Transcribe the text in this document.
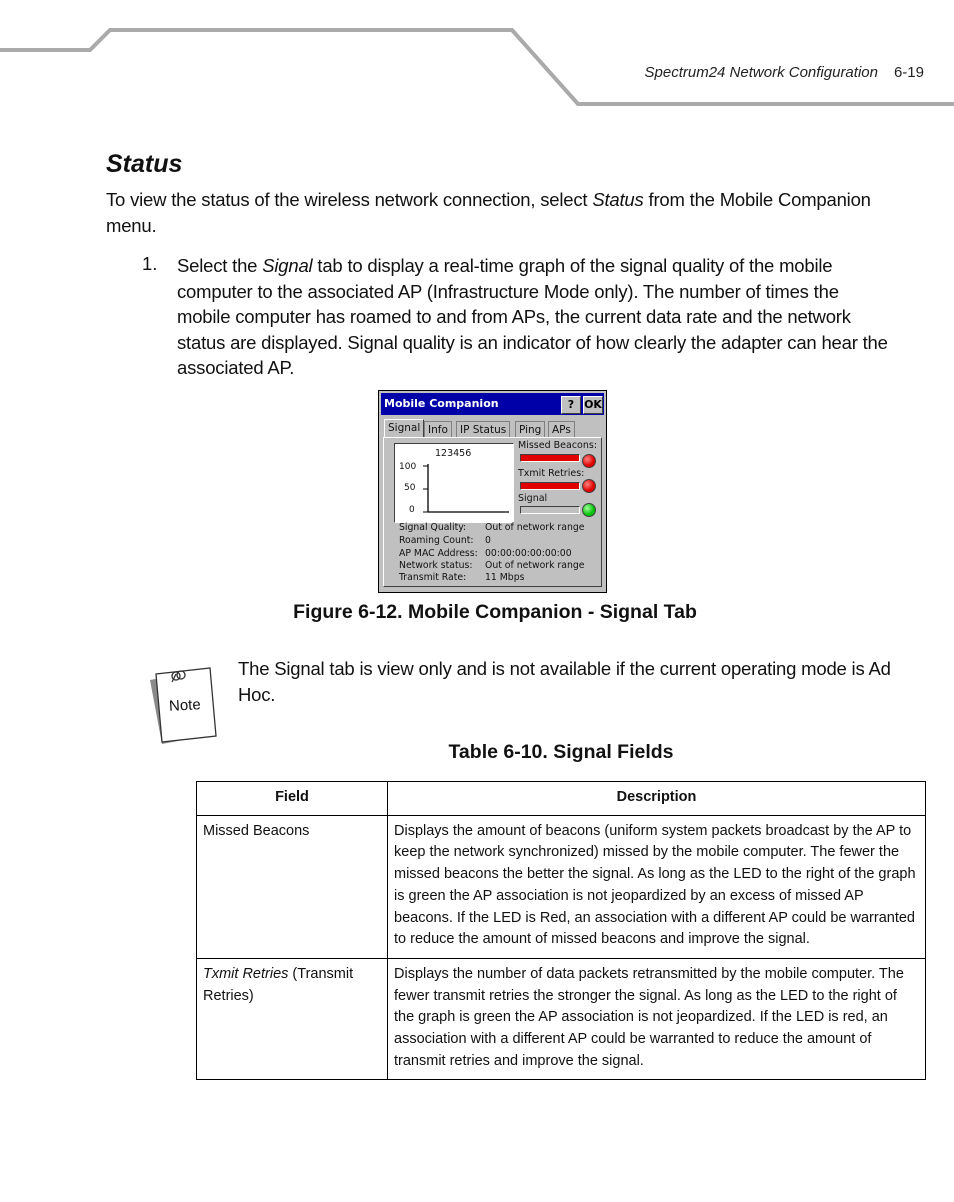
Spectrum24 Network Configuration 6-19
Status

To view the status of the wireless network connection, select Status from the Mobile Companion menu.

1. Select the Signal tab to display a real-time graph of the signal quality of the mobile computer to the associated AP (Infrastructure Mode only). The number of times the mobile computer has roamed to and from APs, the current data rate and the network status are displayed. Signal quality is an indicator of how clearly the adapter can hear the associated AP.

Mobile Companion	? OK
Signal Info	IP Status	Ping	APs
123456
100
50
0
Missed Beacons:
Txmit Retries:
Signal
Signal Quality: Out of network range
Roaming Count: 0
AP MAC Address: 00:00:00:00:00:00
Network status: Out of network range
Transmit Rate: 11 Mbps

Figure 6-12. Mobile Companion - Signal Tab

Note

The Signal tab is view only and is not available if the current operating mode is Ad Hoc.

Table 6-10. Signal Fields

Field	Description
Missed Beacons	Displays the amount of beacons (uniform system packets broadcast by the AP to keep the network synchronized) missed by the mobile computer. The fewer the missed beacons the better the signal. As long as the LED to the right of the graph is green the AP association is not jeopardized by an excess of missed AP beacons. If the LED is Red, an association with a different AP could be warranted to reduce the amount of missed beacons and improve the signal.
Txmit Retries (Transmit Retries)	Displays the number of data packets retransmitted by the mobile computer. The fewer transmit retries the stronger the signal. As long as the LED to the right of the graph is green the AP association is not jeopardized. If the LED is red, an association with a different AP could be warranted to reduce the amount of transmit retries and improve the signal.
